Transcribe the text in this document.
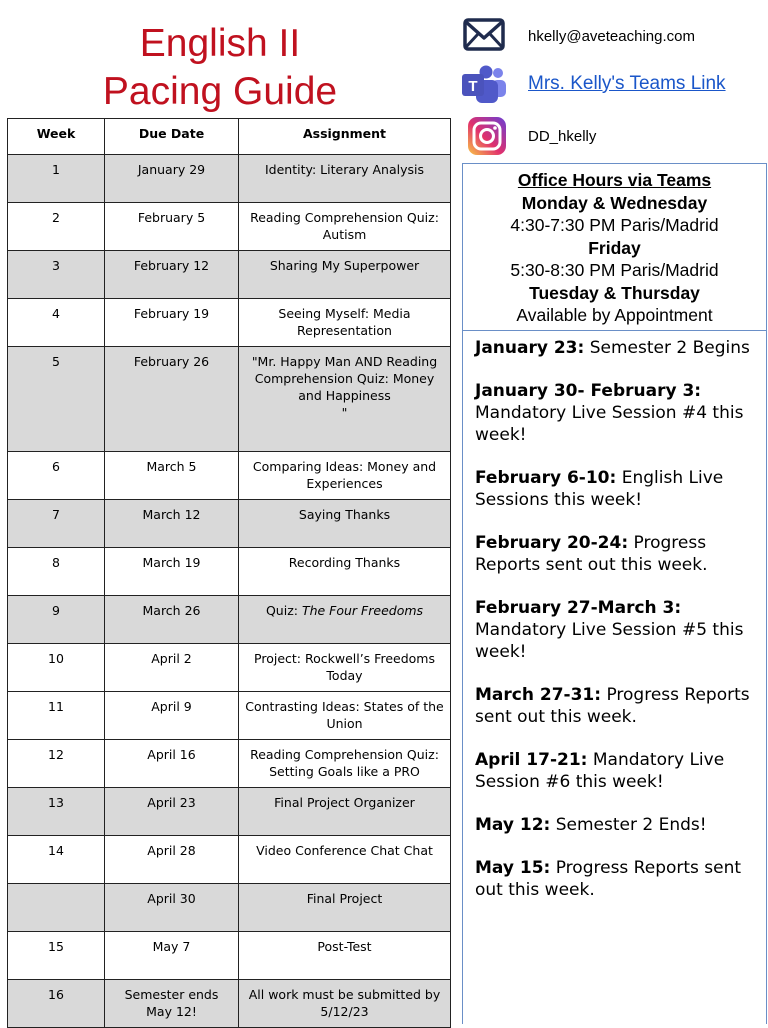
English II
Pacing Guide
Week	Due Date	Assignment
1	January 29	Identity: Literary Analysis
2	February 5	Reading Comprehension Quiz: Autism
3	February 12	Sharing My Superpower
4	February 19	Seeing Myself: Media Representation
5	February 26	"Mr. Happy Man AND Reading Comprehension Quiz: Money and Happiness
"
6	March 5	Comparing Ideas: Money and Experiences
7	March 12	Saying Thanks
8	March 19	Recording Thanks
9	March 26	Quiz: The Four Freedoms
10	April 2	Project: Rockwell’s Freedoms Today
11	April 9	Contrasting Ideas: States of the Union
12	April 16	Reading Comprehension Quiz: Setting Goals like a PRO
13	April 23	Final Project Organizer
14	April 28	Video Conference Chat Chat
	April 30	Final Project
15	May 7	Post-Test
16	Semester ends May 12!	All work must be submitted by 5/12/23
hkelly@aveteaching.com
T	Mrs. Kelly's Teams Link
DD_hkelly
Office Hours via Teams
Monday & Wednesday
4:30-7:30 PM Paris/Madrid
Friday
5:30-8:30 PM Paris/Madrid
Tuesday & Thursday
Available by Appointment
January 23: Semester 2 Begins
January 30- February 3: Mandatory Live Session #4 this week!
February 6-10: English Live Sessions this week!
February 20-24: Progress Reports sent out this week.
February 27-March 3: Mandatory Live Session #5 this week!
March 27-31: Progress Reports sent out this week.
April 17-21: Mandatory Live Session #6 this week!
May 12: Semester 2 Ends!
May 15: Progress Reports sent out this week.
